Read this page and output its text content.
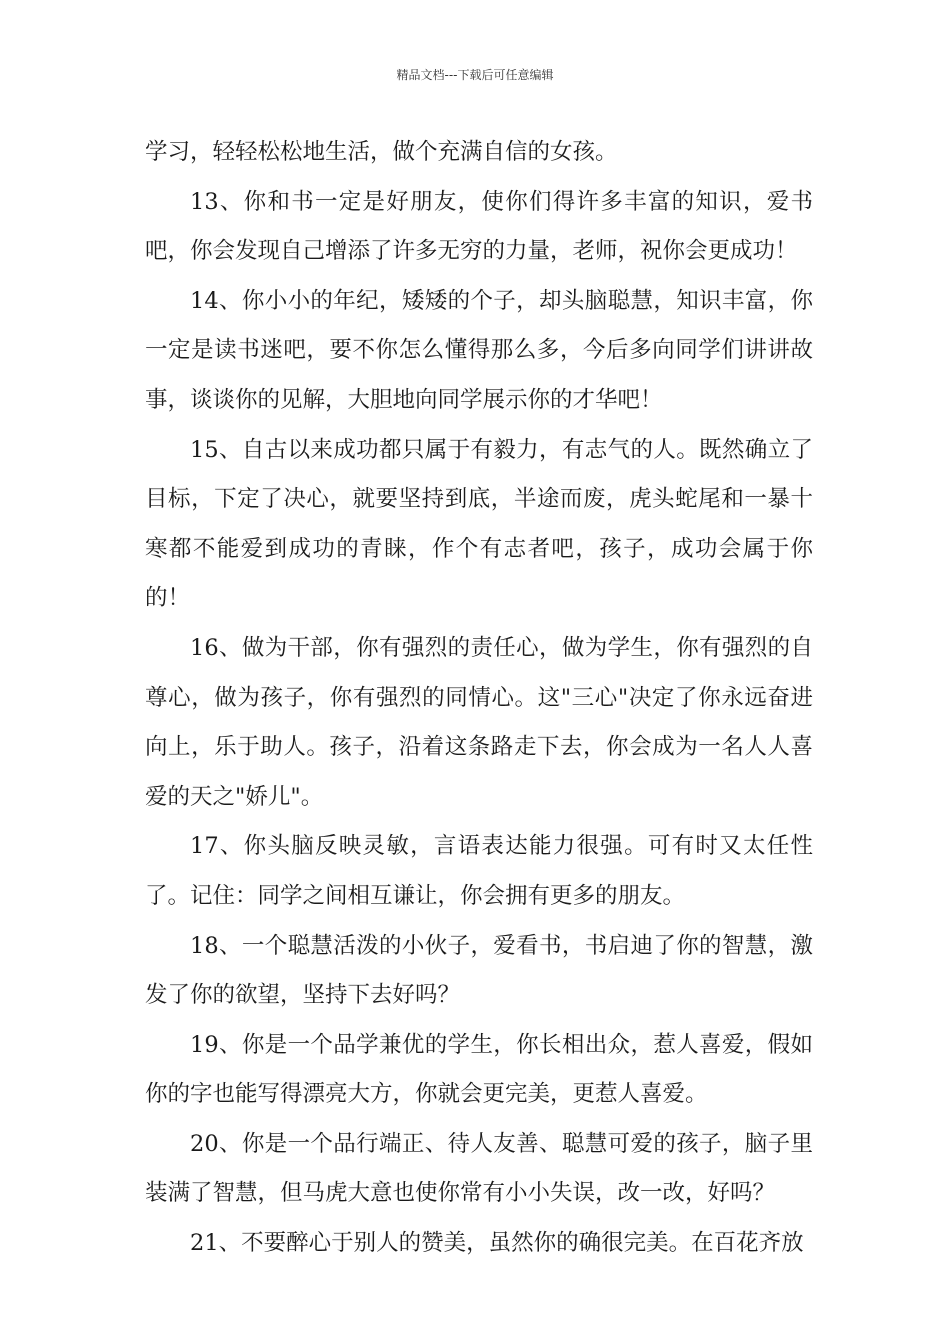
精品文档---下载后可任意编辑

学习，轻轻松松地生活，做个充满自信的女孩。

13、你和书一定是好朋友，使你们得许多丰富的知识，爱书吧，你会发现自己增添了许多无穷的力量，老师，祝你会更成功！

14、你小小的年纪，矮矮的个子，却头脑聪慧，知识丰富，你一定是读书迷吧，要不你怎么懂得那么多，今后多向同学们讲讲故事，谈谈你的见解，大胆地向同学展示你的才华吧！

15、自古以来成功都只属于有毅力，有志气的人。既然确立了目标，下定了决心，就要坚持到底，半途而废，虎头蛇尾和一暴十寒都不能爱到成功的青睐，作个有志者吧，孩子，成功会属于你的！

16、做为干部，你有强烈的责任心，做为学生，你有强烈的自尊心，做为孩子，你有强烈的同情心。这"三心"决定了你永远奋进向上，乐于助人。孩子，沿着这条路走下去，你会成为一名人人喜爱的天之"娇儿"。

17、你头脑反映灵敏，言语表达能力很强。可有时又太任性了。记住：同学之间相互谦让，你会拥有更多的朋友。

18、一个聪慧活泼的小伙子，爱看书，书启迪了你的智慧，激发了你的欲望，坚持下去好吗？

19、你是一个品学兼优的学生，你长相出众，惹人喜爱，假如你的字也能写得漂亮大方，你就会更完美，更惹人喜爱。

20、你是一个品行端正、待人友善、聪慧可爱的孩子，脑子里装满了智慧，但马虎大意也使你常有小小失误，改一改，好吗？

21、不要醉心于别人的赞美，虽然你的确很完美。在百花齐放
